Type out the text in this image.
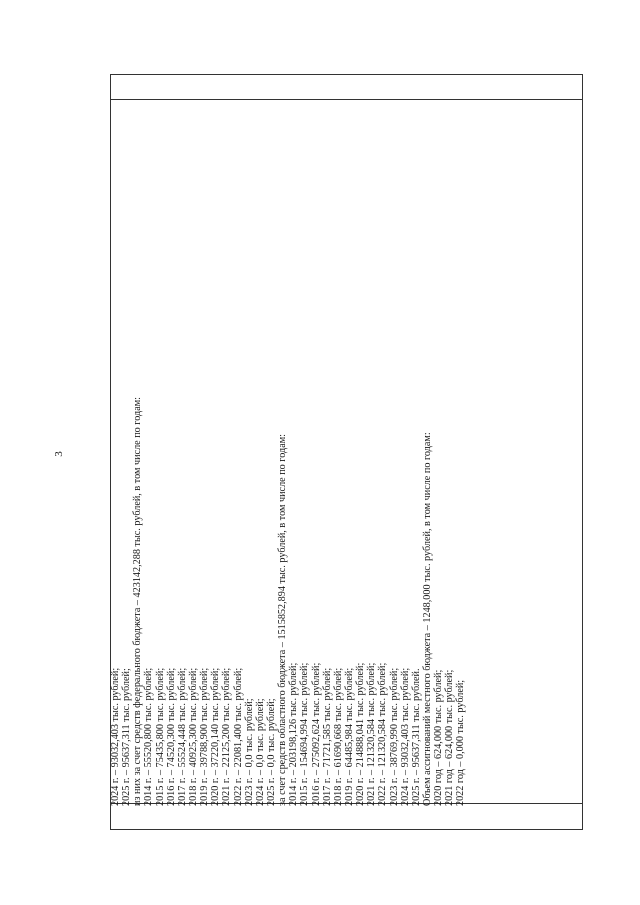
3
2024 г. – 93032,403 тыс. рублей; 2025 г. – 95637,311 тыс. рублей; из них за счет средств федерального бюджета – 423142,288 тыс. рублей, в том числе по годам: 2014 г. – 55520,800 тыс. рублей; 2015 г. – 75435,800 тыс. рублей; 2016 г. – 74520,300 тыс. рублей; 2017 г. – 55524,448 тыс. рублей; 2018 г. – 40925,300 тыс. рублей; 2019 г. – 39788,900 тыс. рублей; 2020 г. – 37220,140 тыс. рублей; 2021 г. – 22125,200 тыс. рублей; 2022 г. – 22081,400 тыс. рублей; 2023 г. – 0,0 тыс. рублей; 2024 г. – 0,0 тыс. рублей; 2025 г. – 0,0 тыс. рублей; за счет средств областного бюджета – 1515852,894 тыс. рублей, в том числе по годам: 2014 г. – 203198,126 тыс. рублей; 2015 г. – 154694,994 тыс. рублей; 2016 г. – 275092,624 тыс. рублей; 2017 г. – 71721,585 тыс. рублей; 2018 г. – 61690,668 тыс. рублей; 2019 г. – 64485,984 тыс. рублей; 2020 г. – 214888,041 тыс. рублей; 2021 г. – 121320,584 тыс. рублей; 2022 г. – 121320,584 тыс. рублей; 2023 г. – 38769,990 тыс. рублей; 2024 г. – 93032,403 тыс. рублей; 2025 г. – 95637,311 тыс. рублей. Объем ассигнований местного бюджета – 1248,000 тыс. рублей, в том числе по годам: 2020 год – 624,000 тыс. рублей; 2021 год – 624,000 тыс. рублей; 2022 год – 0,000 тыс. рублей;
